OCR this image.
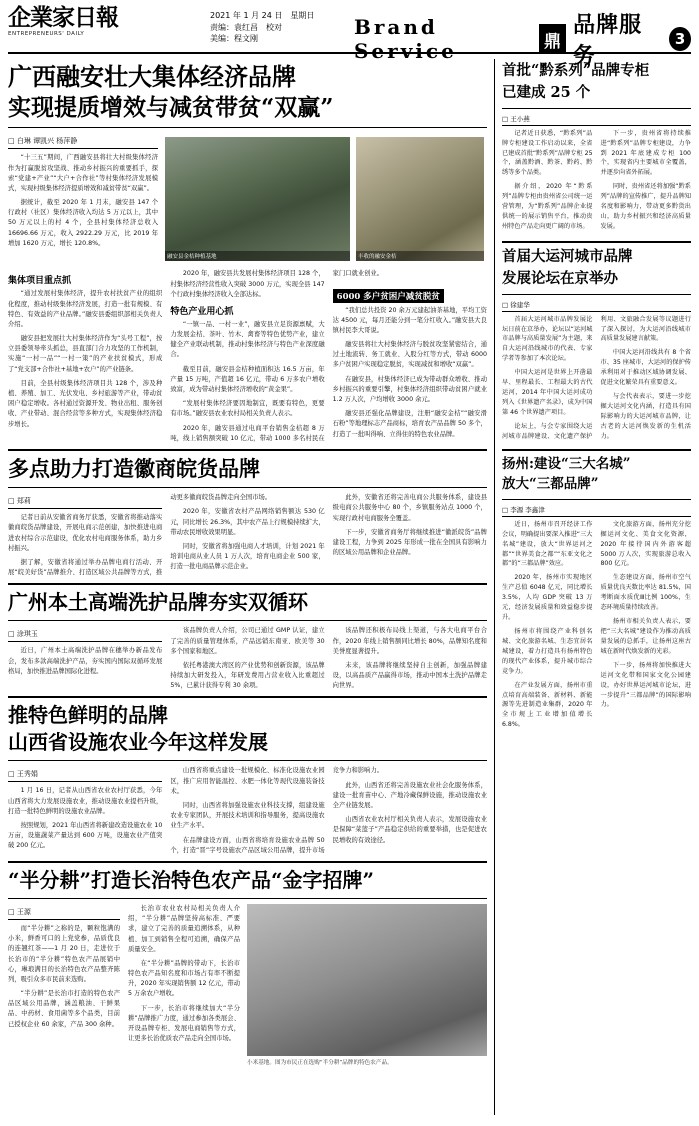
企業家日報
ENTREPRENEURS' DAILY
2021 年 1 月 24 日　星期日
责编：袁红昌　校对
美编：程文刚	Brand Service	鼎
品牌服务
3
广西融安壮大集体经济品牌
实现提质增效与减贫带贫“双赢”
□ 白琳 谭凯兴 杨萍静

“十三五”期间，广西融安县将壮大村级集体经济作为打赢脱贫攻坚战、推动乡村振兴的重要抓手，探索“党建+产业”“大户+合作社”等村集体经济发展模式，实现村级集体经济提质增效和减贫带贫“双赢”。

据统计，截至 2020 年 1 月末，融安县 147 个行政村（社区）集体经济收入均达 5 万元以上，其中 50 万元以上的村 4 个，全县村集体经济总收入 16696.66 万元，收入 2922.29 万元，比 2019 年增加 1620 万元，增长 120.8%。

融安县金桔种植基地	丰收的融安金桔
集体项目重点抓

“通过发展村集体经济，提升农村扶贫产业的组织化程度，推动村级集体经济发展，打造一批有规模、有特色、有效益的产业品牌。”融安县委组织部相关负责人介绍。

融安县把发展壮大村集体经济作为“头号工程”，按立县委领导牵头抓总，县直部门合力攻坚的工作机制，实施“一村一品”“一村一策”的产业扶贫模式，形成了“党支部+合作社+基地+农户”的产业链条。

目前，全县村级集体经济项目共 128 个，涉及种植、养殖、加工、光伏发电、乡村旅游等产业，带动贫困户稳定增收。各村通过资源开发、物业出租、服务创收、产业带动、混合经营等多种方式，实现集体经济稳步增长。

2020 年，融安县共发展村集体经济项目 128 个，村集体经济经营性收入突破 3000 万元，实现全县 147 个行政村集体经济收入全部达标。

特色产业用心抓

“一镇一品、一村一业”，融安县立足资源禀赋，大力发展金桔、茶叶、竹木、禽畜等特色优势产业，建立健全产业联动机制，推动村集体经济与特色产业深度融合。

截至目前，融安县金桔种植面积达 16.5 万亩，年产量 15 万吨，产值超 16 亿元，带动 6 万多农户增收致富，成为带动村集体经济增收的“黄金果”。

“发展村集体经济要因地制宜，既要有特色，更要有市场。”融安县农业农村局相关负责人表示。

2020 年，融安县通过电商平台销售金桔超 8 万吨，线上销售额突破 10 亿元，带动 1000 多名村民在家门口就业创业。

6000 多户贫困户减贫脱贫

“我们总共投资 20 余万元建起油茶基地，平均工资达 4500 元，每月还能分到一笔分红收入。”融安县大良镇村民李大哥说。

融安县将壮大村集体经济与脱贫攻坚紧密结合，通过土地流转、务工就业、入股分红等方式，带动 6000 多户贫困户实现稳定脱贫，实现减贫和增收“双赢”。

在融安县，村集体经济已成为带动群众增收、推动乡村振兴的重要引擎，村集体经济组织带动贫困户就业 1.2 万人次，户均增收 3000 余元。

融安县还强化品牌建设，注册“融安金桔”“融安滑石粉”等地理标志产品商标，培育农产品品牌 50 多个，打造了一批叫得响、立得住的特色农业品牌。

多点助力打造徽商皖货品牌
□ 郑莉

记者日前从安徽省商务厅获悉，安徽省将推动落实徽商皖货品牌建设，开展电商示范创建，加快推进电商进农村综合示范建设，优化农村电商服务体系，助力乡村振兴。

据了解，安徽省将通过举办品牌电商行活动、开展“皖美好货”品牌推介、打造区域公共品牌等方式，推动更多徽商皖货品牌走向全国市场。

2020 年，安徽省农村产品网络销售额达 530 亿元，同比增长 26.3%，其中农产品上行规模持续扩大，带动农民增收效果明显。

同时，安徽省将加强电商人才培训，计划 2021 年培训电商从业人员 1 万人次，培育电商企业 500 家，打造一批电商品牌示范企业。

此外，安徽省还将完善电商公共服务体系，建设县级电商公共服务中心 80 个，乡镇服务站点 1000 个，实现行政村电商服务全覆盖。

下一步，安徽省商务厅将继续推进“徽派皖货”品牌建设工程，力争到 2025 年形成一批在全国具有影响力的区域公用品牌和企业品牌。

广州本土高端洗护品牌夯实双循环
□ 涂琪玉

近日，广州本土高端洗护品牌在穗举办新品发布会，发布多款高端洗护产品，夯实国内国际双循环发展格局，加快推进品牌国际化进程。

该品牌负责人介绍，公司已通过 GMP 认证，建立了完善的质量管理体系，产品远销东南亚、欧美等 30 多个国家和地区。

依托粤港澳大湾区的产业优势和创新资源，该品牌持续加大研发投入，年研发费用占营业收入比重超过 5%，已累计获得专利 30 余项。

该品牌还积极布局线上渠道，与各大电商平台合作，2020 年线上销售额同比增长 80%，品牌知名度和美誉度显著提升。

未来，该品牌将继续坚持自主创新，加强品牌建设，以高品质产品赢得市场，推动中国本土洗护品牌走向世界。

推特色鲜明的品牌
山西省设施农业今年这样发展
□ 王秀娟

1 月 16 日，记者从山西省农业农村厅获悉，今年山西省将大力发展设施农业，推动设施农业提档升级，打造一批特色鲜明的设施农业品牌。

按照规划，2021 年山西省将新建改造设施农业 10 万亩，设施蔬菜产量达到 600 万吨，设施农业产值突破 200 亿元。

山西省将重点建设一批规模化、标准化设施农业园区，推广应用智能温控、水肥一体化等现代设施装备技术。

同时，山西省将加强设施农业科技支撑，组建设施农业专家团队，开展技术培训和指导服务，提高设施农业生产水平。

在品牌建设方面，山西省将培育设施农业品牌 50 个，打造“晋”字号设施农产品区域公用品牌，提升市场竞争力和影响力。

此外，山西省还将完善设施农业社会化服务体系，建设一批育苗中心、产地冷藏保鲜设施，推动设施农业全产业链发展。

山西省农业农村厅相关负责人表示，发展设施农业是保障“菜篮子”产品稳定供给的重要举措，也是促进农民增收的有效途径。

“半分耕”打造长治特色农产品“金字招牌”
□ 王源

而“半分耕”之称的是，颗粒饱满的小米，鲜香可口的上党党参，品质优良的连翘红茶——1 月 20 日，走进位于长治市的“半分耕”特色农产品展销中心，琳琅满目的长治特色农产品整齐陈列，吸引众多市民前来选购。

“半分耕”是长治市打造的特色农产品区域公用品牌，涵盖粮油、干鲜果品、中药材、食用菌等多个品类，目前已授权企业 60 余家，产品 300 余种。

长治市农业农村局相关负责人介绍，“半分耕”品牌坚持高标准、严要求，建立了完善的质量追溯体系，从种植、加工到销售全程可追溯，确保产品质量安全。

在“半分耕”品牌的带动下，长治市特色农产品知名度和市场占有率不断提升，2020 年实现销售额 12 亿元，带动 5 万余农户增收。

下一步，长治市将继续加大“半分耕”品牌推广力度，通过参加各类展会、开设品牌专柜、发展电商销售等方式，让更多长治优质农产品走向全国市场。

小米基地。图为市民正在选购“半分耕”品牌的特色农产品。
首批“黔系列”品牌专柜
已建成 25 个
□ 王小燕

记者近日获悉，“黔系列”品牌专柜建设工作启动以来，全省已建成首批“黔系列”品牌专柜 25 个，涵盖黔酒、黔茶、黔药、黔绣等多个品类。

据介绍，2020 年“黔系列”品牌专柜由贵州省公司统一运营管理，为“黔系列”品牌企业提供统一的展示销售平台，推动贵州特色产品走向更广阔的市场。

下一步，贵州省将持续推进“黔系列”品牌专柜建设，力争到 2021 年底建成专柜 100 个，实现省内主要城市全覆盖，并逐步向省外拓展。

同时，贵州省还将加强“黔系列”品牌的宣传推广，提升品牌知名度和影响力，带动更多黔货出山，助力乡村振兴和经济高质量发展。

首届大运河城市品牌
发展论坛在京举办
□ 徐建华

首届大运河城市品牌发展论坛日前在京举办，论坛以“运河城市品牌与高质量发展”为主题，来自大运河沿线城市的代表、专家学者等参加了本次论坛。

中国大运河是世界上开凿最早、里程最长、工程最大的古代运河，2014 年中国大运河成功列入《世界遗产名录》，成为中国第 46 个世界遗产项目。

论坛上，与会专家围绕大运河城市品牌建设、文化遗产保护利用、文旅融合发展等议题进行了深入探讨，为大运河沿线城市高质量发展建言献策。

中国大运河沿线共有 8 个省市、35 座城市，大运河的保护传承利用对于推动区域协调发展、促进文化繁荣具有重要意义。

与会代表表示，要进一步挖掘大运河文化内涵，打造具有国际影响力的大运河城市品牌，让古老的大运河焕发新的生机活力。

扬州:建设“三大名城”
放大“三都品牌”
□ 李源 李鑫津

近日，扬州市召开经济工作会议，明确提出要深入推进“三大名城”建设，放大“世界运河之都”“世界美食之都”“东亚文化之都”的“三都品牌”效应。

2020 年，扬州市实现地区生产总值 6048 亿元，同比增长 3.5%，人均 GDP 突破 13 万元，经济发展质量和效益稳步提升。

扬州市将围绕产业科创名城、文化旅游名城、生态宜居名城建设，着力打造具有扬州特色的现代产业体系，提升城市综合竞争力。

在产业发展方面，扬州市重点培育高端装备、新材料、新能源等先进制造业集群，2020 年全市规上工业增加值增长 6.8%。

文化旅游方面，扬州充分挖掘运河文化、美食文化资源，2020 年接待国内外游客超 5000 万人次，实现旅游总收入 800 亿元。

生态建设方面，扬州市空气质量优良天数比率达 81.5%，国考断面水质优Ⅲ比例 100%，生态环境质量持续改善。

扬州市相关负责人表示，要把“三大名城”建设作为推动高质量发展的总抓手，让扬州这座古城在新时代焕发新的光彩。

下一步，扬州将加快推进大运河文化带和国家文化公园建设，办好世界运河城市论坛，进一步提升“三都品牌”的国际影响力。
